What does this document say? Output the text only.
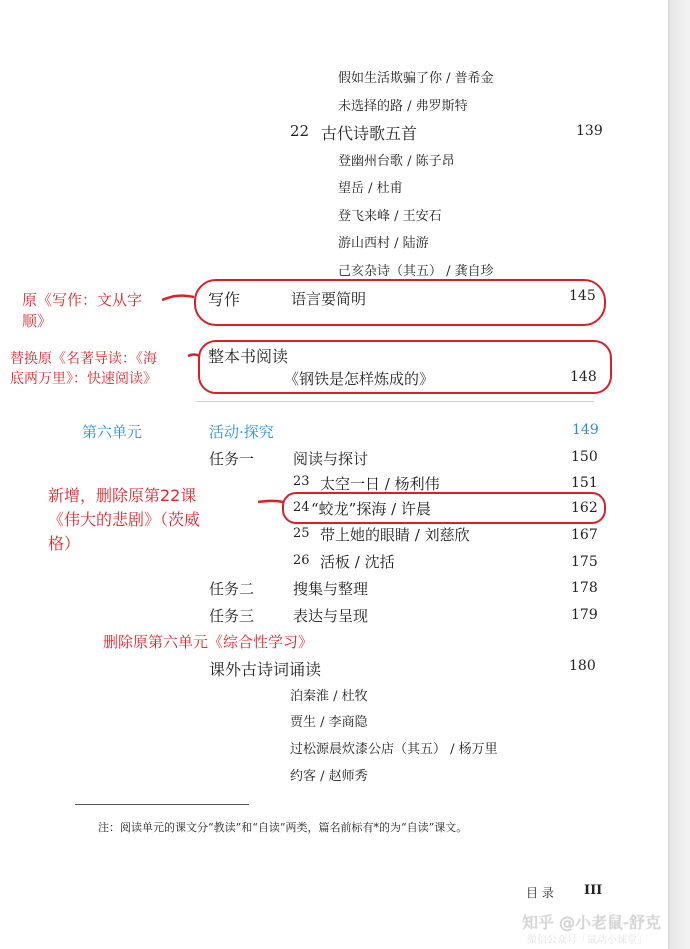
假如生活欺骗了你 / 普希金
未选择的路 / 弗罗斯特
22 古代诗歌五首	139
登幽州台歌 / 陈子昂
望岳 / 杜甫
登飞来峰 / 王安石
游山西村 / 陆游
己亥杂诗（其五） / 龚自珍
写作	语言要简明	145
整本书阅读
《钢铁是怎样炼成的》	148
第六单元	活动·探究	149
任务一	阅读与探讨	150
23 太空一日 / 杨利伟	151
24 “蛟龙”探海 / 许晨	162
25 带上她的眼睛 / 刘慈欣	167
26 活板 / 沈括	175
任务二	搜集与整理	178
任务三	表达与呈现	179
课外古诗词诵读	180
泊秦淮 / 杜牧
贾生 / 李商隐
过松源晨炊漆公店（其五） / 杨万里
约客 / 赵师秀
注：阅读单元的课文分“教读”和“自读”两类，篇名前标有*的为“自读”课文。
目 录 III
原《写作：文从字
顺》
替换原《名著导读：《海
底两万里》：快速阅读》
新增，删除原第22课
《伟大的悲剧》（茨威
格）
删除原第六单元《综合性学习》
知乎 @小老鼠-舒克
微信公众号「鼠动小课堂」
